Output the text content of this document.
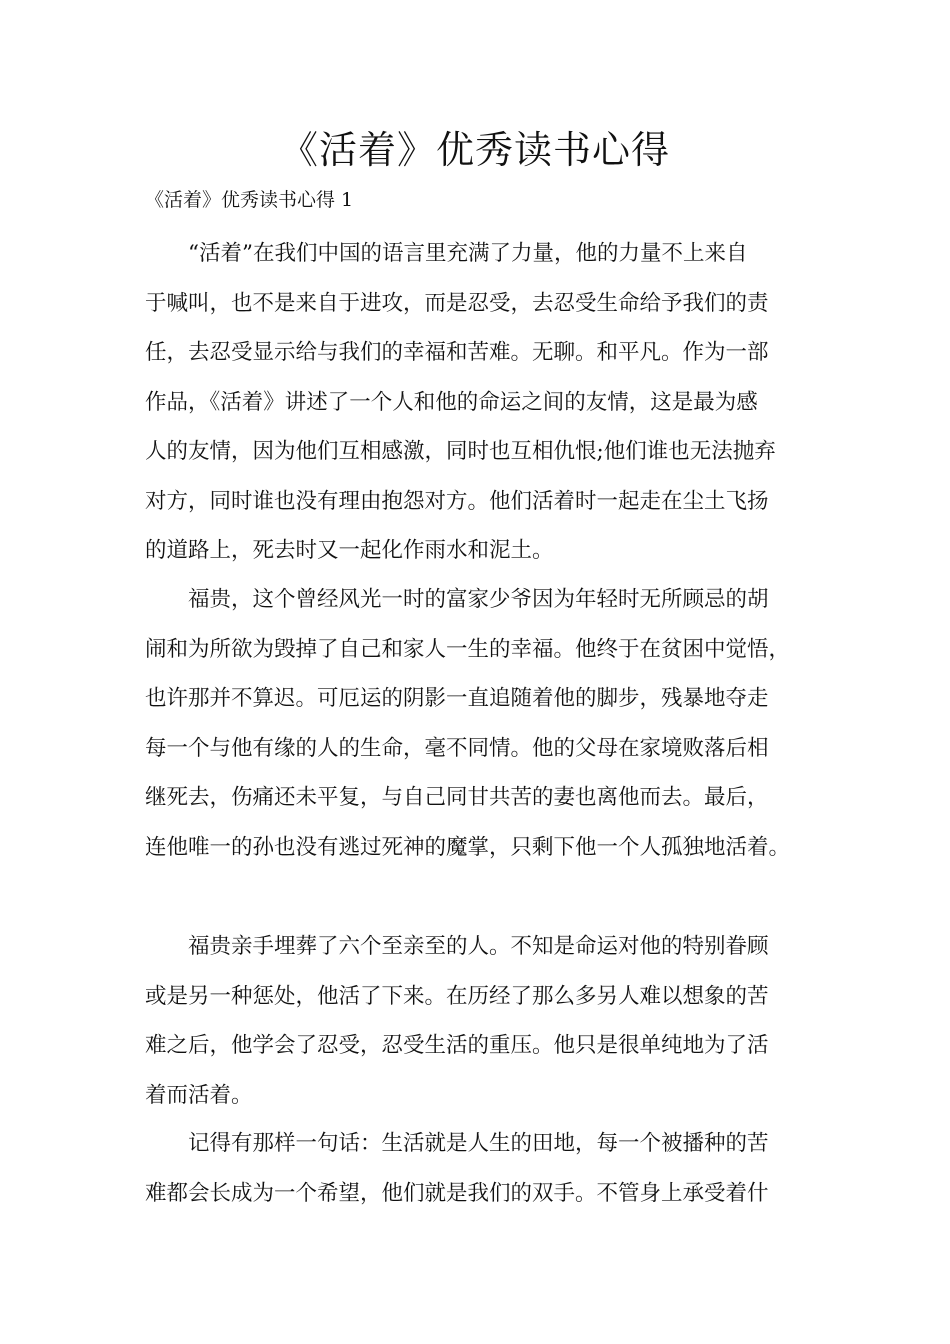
《活着》优秀读书心得

《活着》优秀读书心得 1

“活着”在我们中国的语言里充满了力量，他的力量不上来自
于喊叫，也不是来自于进攻，而是忍受，去忍受生命给予我们的责
任，去忍受显示给与我们的幸福和苦难。无聊。和平凡。作为一部
作品，《活着》讲述了一个人和他的命运之间的友情，这是最为感
人的友情，因为他们互相感激，同时也互相仇恨;他们谁也无法抛弃
对方，同时谁也没有理由抱怨对方。他们活着时一起走在尘土飞扬
的道路上，死去时又一起化作雨水和泥土。
福贵，这个曾经风光一时的富家少爷因为年轻时无所顾忌的胡
闹和为所欲为毁掉了自己和家人一生的幸福。他终于在贫困中觉悟，
也许那并不算迟。可厄运的阴影一直追随着他的脚步，残暴地夺走
每一个与他有缘的人的生命，毫不同情。他的父母在家境败落后相
继死去，伤痛还未平复，与自己同甘共苦的妻也离他而去。最后，
连他唯一的孙也没有逃过死神的魔掌，只剩下他一个人孤独地活着。
福贵亲手埋葬了六个至亲至的人。不知是命运对他的特别眷顾
或是另一种惩处，他活了下来。在历经了那么多另人难以想象的苦
难之后，他学会了忍受，忍受生活的重压。他只是很单纯地为了活
着而活着。
记得有那样一句话：生活就是人生的田地，每一个被播种的苦
难都会长成为一个希望，他们就是我们的双手。不管身上承受着什
